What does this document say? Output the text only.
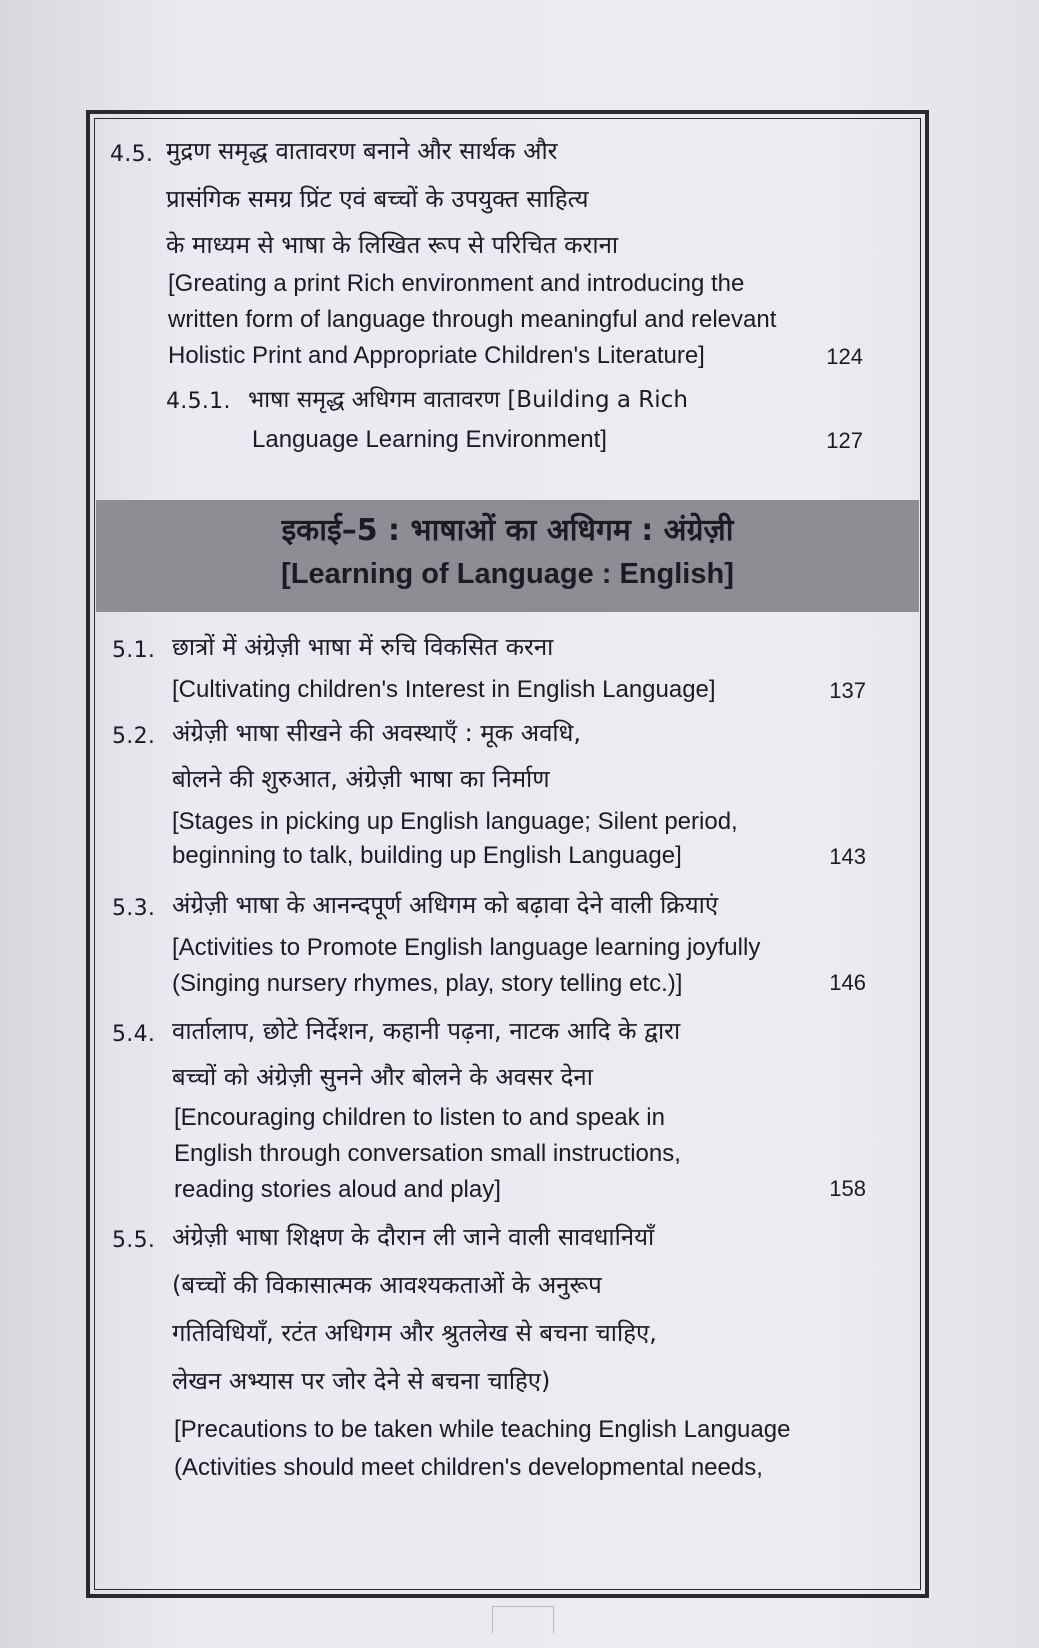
4.5. मुद्रण समृद्ध वातावरण बनाने और सार्थक और
प्रासंगिक समग्र प्रिंट एवं बच्चों के उपयुक्त साहित्य
के माध्यम से भाषा के लिखित रूप से परिचित कराना
[Greating a print Rich environment and introducing the
written form of language through meaningful and relevant
Holistic Print and Appropriate Children's Literature]	124
4.5.1. भाषा समृद्ध अधिगम वातावरण [Building a Rich
Language Learning Environment]	127
इकाई–5 : भाषाओं का अधिगम : अंग्रेज़ी
[Learning of Language : English]
5.1. छात्रों में अंग्रेज़ी भाषा में रुचि विकसित करना
[Cultivating children's Interest in English Language]	137
5.2. अंग्रेज़ी भाषा सीखने की अवस्थाएँ : मूक अवधि,
बोलने की शुरुआत, अंग्रेज़ी भाषा का निर्माण
[Stages in picking up English language; Silent period,
beginning to talk, building up English Language]	143
5.3. अंग्रेज़ी भाषा के आनन्दपूर्ण अधिगम को बढ़ावा देने वाली क्रियाएं
[Activities to Promote English language learning joyfully
(Singing nursery rhymes, play, story telling etc.)]	146
5.4. वार्तालाप, छोटे निर्देशन, कहानी पढ़ना, नाटक आदि के द्वारा
बच्चों को अंग्रेज़ी सुनने और बोलने के अवसर देना
[Encouraging children to listen to and speak in
English through conversation small instructions,
reading stories aloud and play]	158
5.5. अंग्रेज़ी भाषा शिक्षण के दौरान ली जाने वाली सावधानियाँ
(बच्चों की विकासात्मक आवश्यकताओं के अनुरूप
गतिविधियाँ, रटंत अधिगम और श्रुतलेख से बचना चाहिए,
लेखन अभ्यास पर जोर देने से बचना चाहिए)
[Precautions to be taken while teaching English Language
(Activities should meet children's developmental needs,
